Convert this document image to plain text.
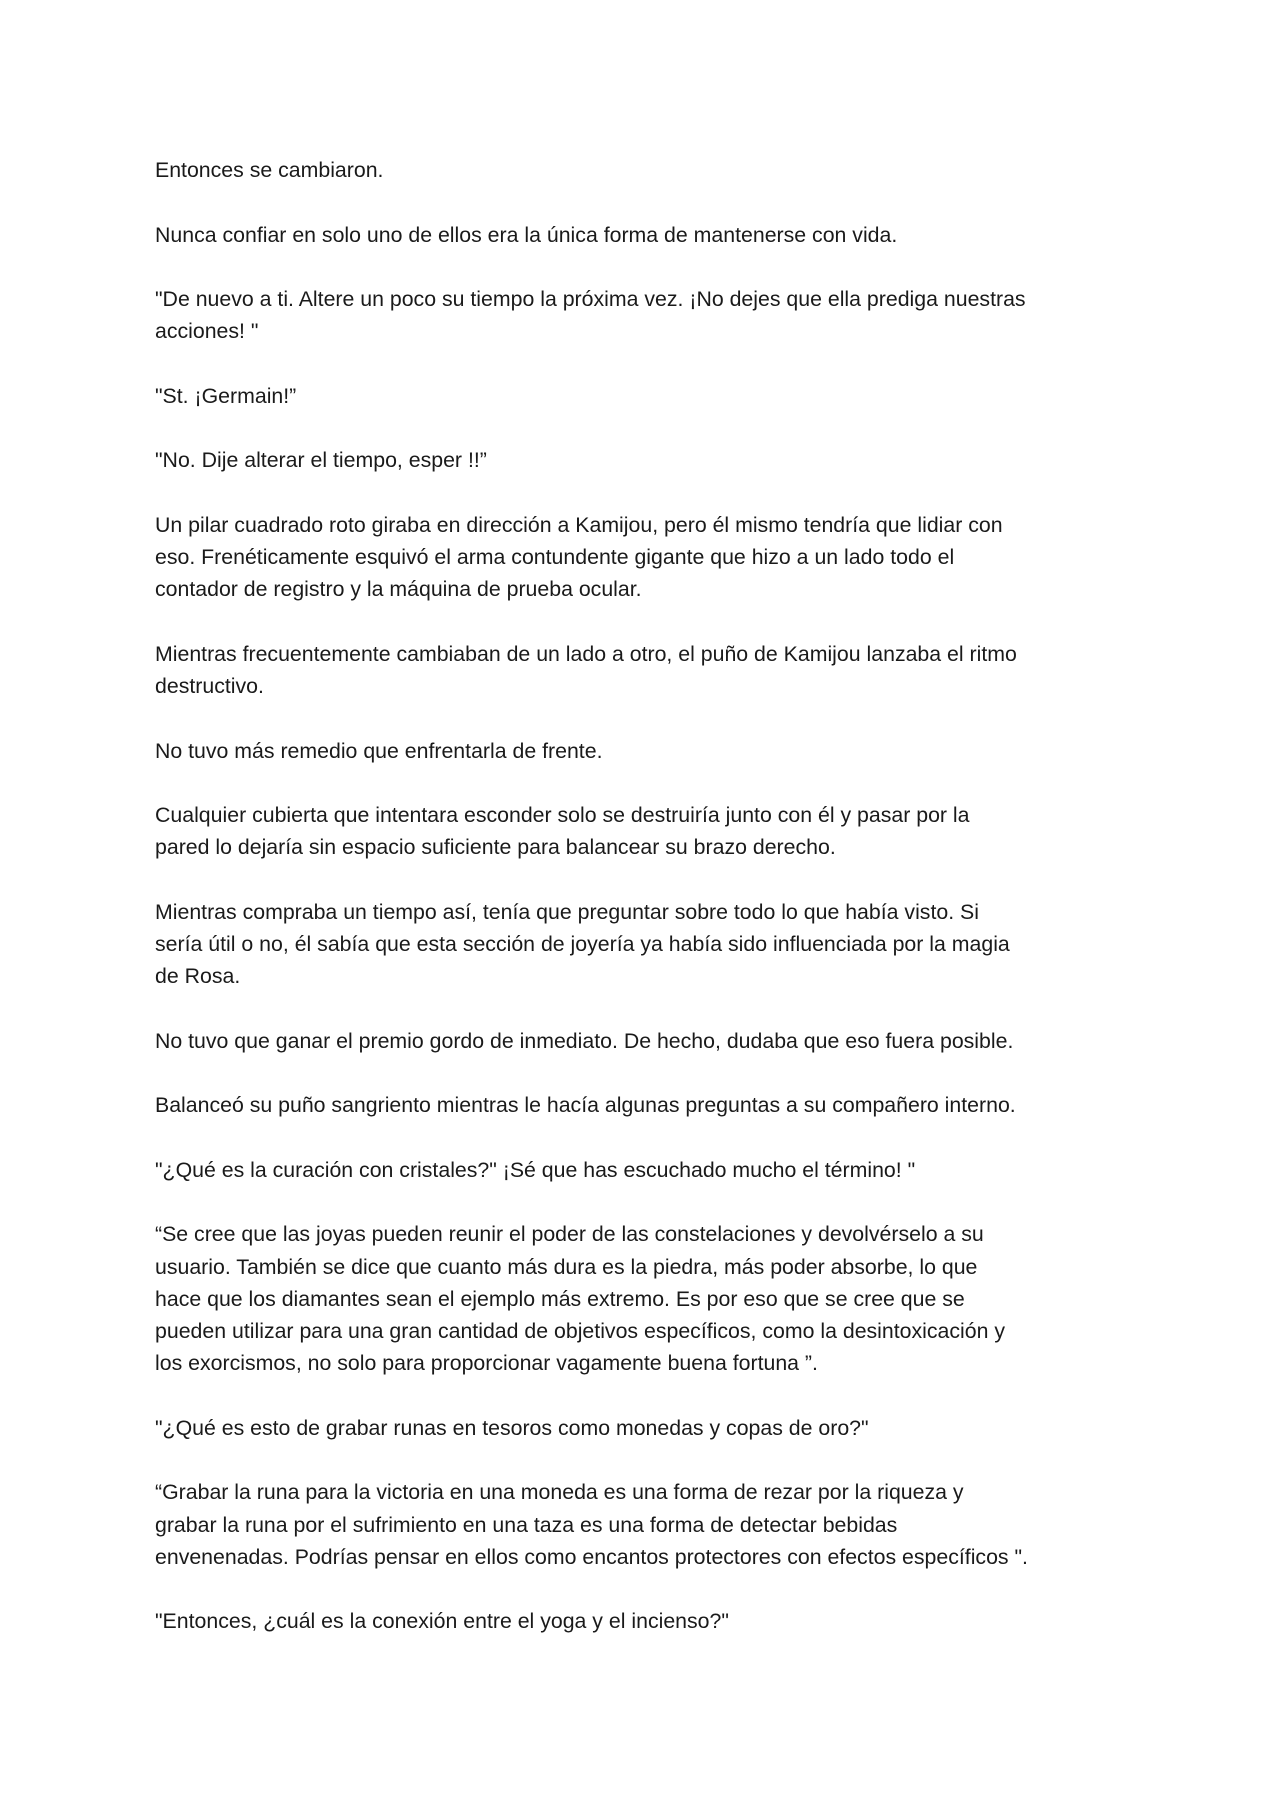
Entonces se cambiaron.

Nunca confiar en solo uno de ellos era la única forma de mantenerse con vida.

"De nuevo a ti. Altere un poco su tiempo la próxima vez. ¡No dejes que ella prediga nuestras
acciones! "

"St. ¡Germain!”

"No. Dije alterar el tiempo, esper !!”

Un pilar cuadrado roto giraba en dirección a Kamijou, pero él mismo tendría que lidiar con
eso. Frenéticamente esquivó el arma contundente gigante que hizo a un lado todo el
contador de registro y la máquina de prueba ocular.

Mientras frecuentemente cambiaban de un lado a otro, el puño de Kamijou lanzaba el ritmo
destructivo.

No tuvo más remedio que enfrentarla de frente.

Cualquier cubierta que intentara esconder solo se destruiría junto con él y pasar por la
pared lo dejaría sin espacio suficiente para balancear su brazo derecho.

Mientras compraba un tiempo así, tenía que preguntar sobre todo lo que había visto. Si
sería útil o no, él sabía que esta sección de joyería ya había sido influenciada por la magia
de Rosa.

No tuvo que ganar el premio gordo de inmediato. De hecho, dudaba que eso fuera posible.

Balanceó su puño sangriento mientras le hacía algunas preguntas a su compañero interno.

"¿Qué es la curación con cristales?" ¡Sé que has escuchado mucho el término! "

“Se cree que las joyas pueden reunir el poder de las constelaciones y devolvérselo a su
usuario. También se dice que cuanto más dura es la piedra, más poder absorbe, lo que
hace que los diamantes sean el ejemplo más extremo. Es por eso que se cree que se
pueden utilizar para una gran cantidad de objetivos específicos, como la desintoxicación y
los exorcismos, no solo para proporcionar vagamente buena fortuna ”.

"¿Qué es esto de grabar runas en tesoros como monedas y copas de oro?"

“Grabar la runa para la victoria en una moneda es una forma de rezar por la riqueza y
grabar la runa por el sufrimiento en una taza es una forma de detectar bebidas
envenenadas. Podrías pensar en ellos como encantos protectores con efectos específicos ".

"Entonces, ¿cuál es la conexión entre el yoga y el incienso?"
